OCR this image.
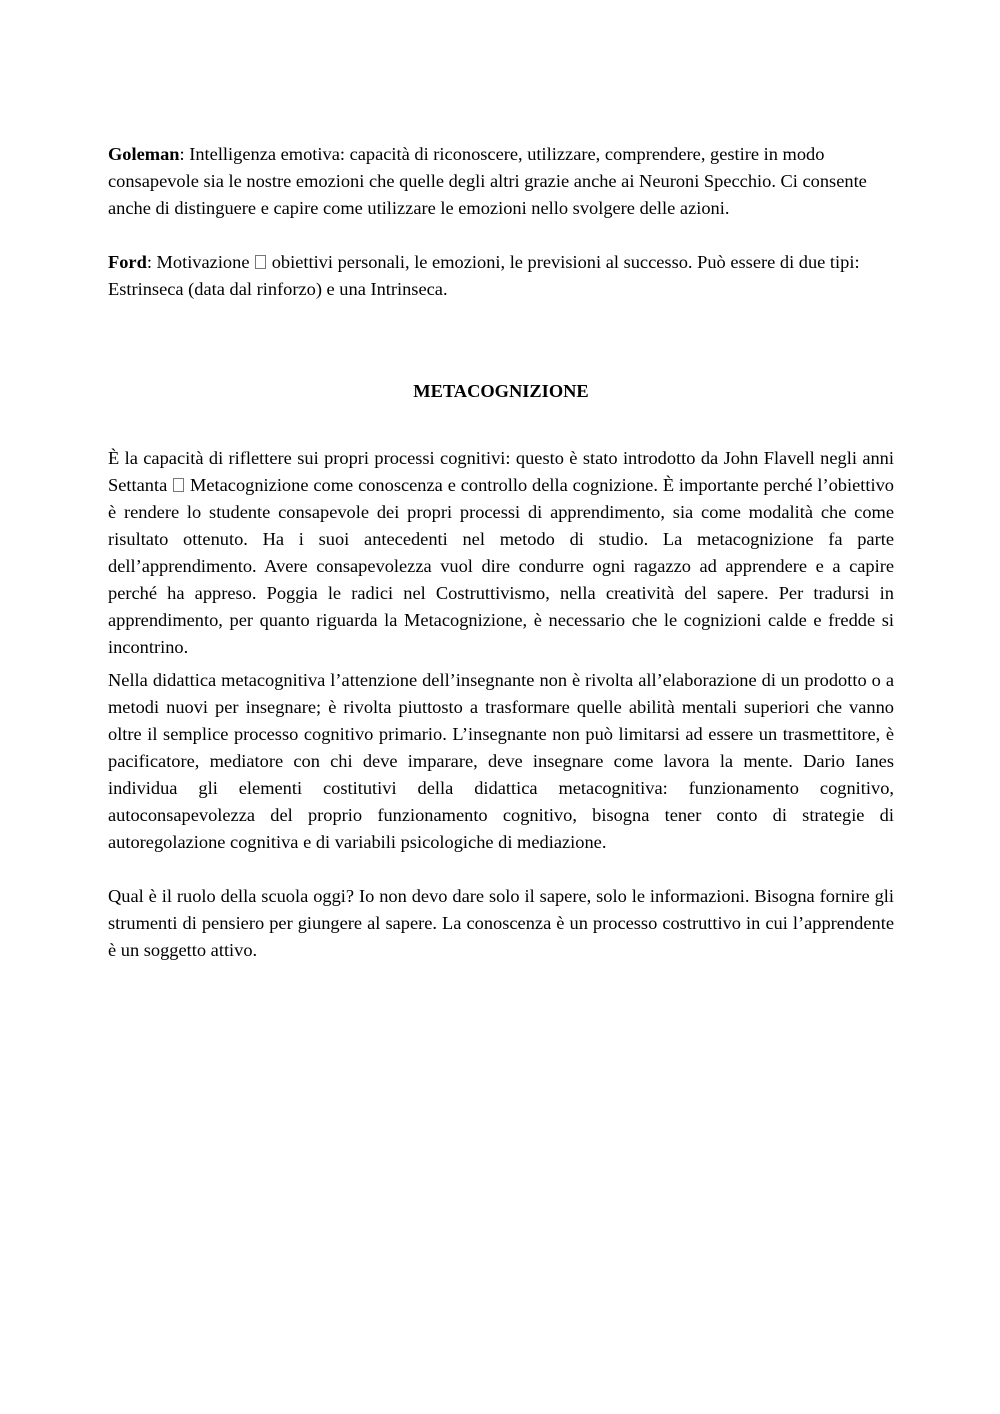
Goleman: Intelligenza emotiva: capacità di riconoscere, utilizzare, comprendere, gestire in modo consapevole sia le nostre emozioni che quelle degli altri grazie anche ai Neuroni Specchio. Ci consente anche di distinguere e capire come utilizzare le emozioni nello svolgere delle azioni.

Ford: Motivazione  obiettivi personali, le emozioni, le previsioni al successo. Può essere di due tipi: Estrinseca (data dal rinforzo) e una Intrinseca.

METACOGNIZIONE

È la capacità di riflettere sui propri processi cognitivi: questo è stato introdotto da John Flavell negli anni Settanta  Metacognizione come conoscenza e controllo della cognizione. È importante perché l’obiettivo è rendere lo studente consapevole dei propri processi di apprendimento, sia come modalità che come risultato ottenuto. Ha i suoi antecedenti nel metodo di studio. La metacognizione fa parte dell’apprendimento. Avere consapevolezza vuol dire condurre ogni ragazzo ad apprendere e a capire perché ha appreso. Poggia le radici nel Costruttivismo, nella creatività del sapere. Per tradursi in apprendimento, per quanto riguarda la Metacognizione, è necessario che le cognizioni calde e fredde si incontrino.

Nella didattica metacognitiva l’attenzione dell’insegnante non è rivolta all’elaborazione di un prodotto o a metodi nuovi per insegnare; è rivolta piuttosto a trasformare quelle abilità mentali superiori che vanno oltre il semplice processo cognitivo primario. L’insegnante non può limitarsi ad essere un trasmettitore, è pacificatore, mediatore con chi deve imparare, deve insegnare come lavora la mente. Dario Ianes individua gli elementi costitutivi della didattica metacognitiva: funzionamento cognitivo, autoconsapevolezza del proprio funzionamento cognitivo, bisogna tener conto di strategie di autoregolazione cognitiva e di variabili psicologiche di mediazione.

Qual è il ruolo della scuola oggi? Io non devo dare solo il sapere, solo le informazioni. Bisogna fornire gli strumenti di pensiero per giungere al sapere. La conoscenza è un processo costruttivo in cui l’apprendente è un soggetto attivo.
